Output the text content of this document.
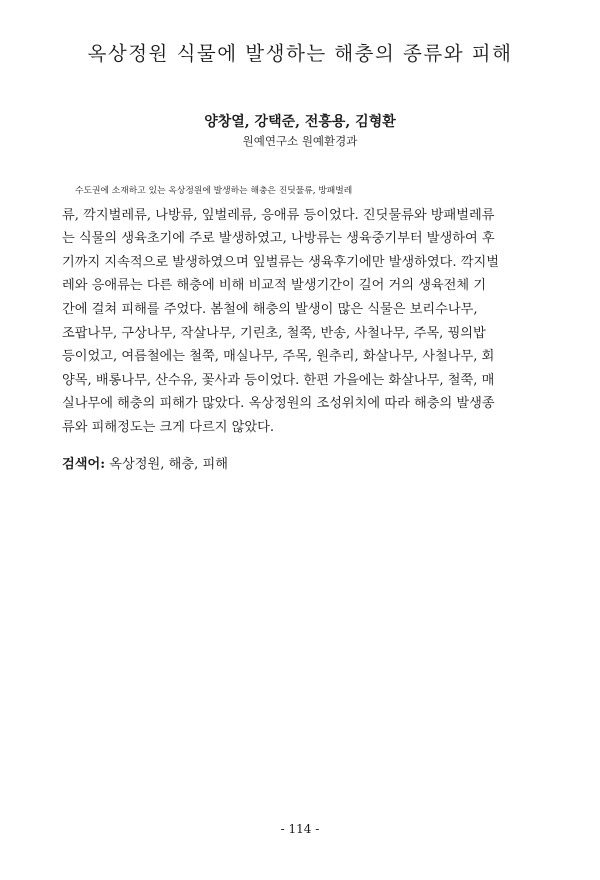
옥상정원 식물에 발생하는 해충의 종류와 피해
양창열, 강택준, 전흥용, 김형환
원예연구소 원예환경과
수도권에 소재하고 있는 옥상정원에 발생하는 해충은 진딧물류, 방패벌레
류, 깍지벌레류, 나방류, 잎벌레류, 응애류 등이었다. 진딧물류와 방패벌레류
는 식물의 생육초기에 주로 발생하였고, 나방류는 생육중기부터 발생하여 후
기까지 지속적으로 발생하였으며 잎벌류는 생육후기에만 발생하였다. 깍지벌
레와 응애류는 다른 해충에 비해 비교적 발생기간이 길어 거의 생육전체 기
간에 걸쳐 피해를 주었다. 봄철에 해충의 발생이 많은 식물은 보리수나무,
조팝나무, 구상나무, 작살나무, 기린초, 철쭉, 반송, 사철나무, 주목, 꿩의밥
등이었고, 여름철에는 철쭉, 매실나무, 주목, 원추리, 화살나무, 사철나무, 회
양목, 배롱나무, 산수유, 꽃사과 등이었다. 한편 가을에는 화살나무, 철쭉, 매
실나무에 해충의 피해가 많았다. 옥상정원의 조성위치에 따라 해충의 발생종
류와 피해정도는 크게 다르지 않았다.
검색어: 옥상정원, 해충, 피해
- 114 -
